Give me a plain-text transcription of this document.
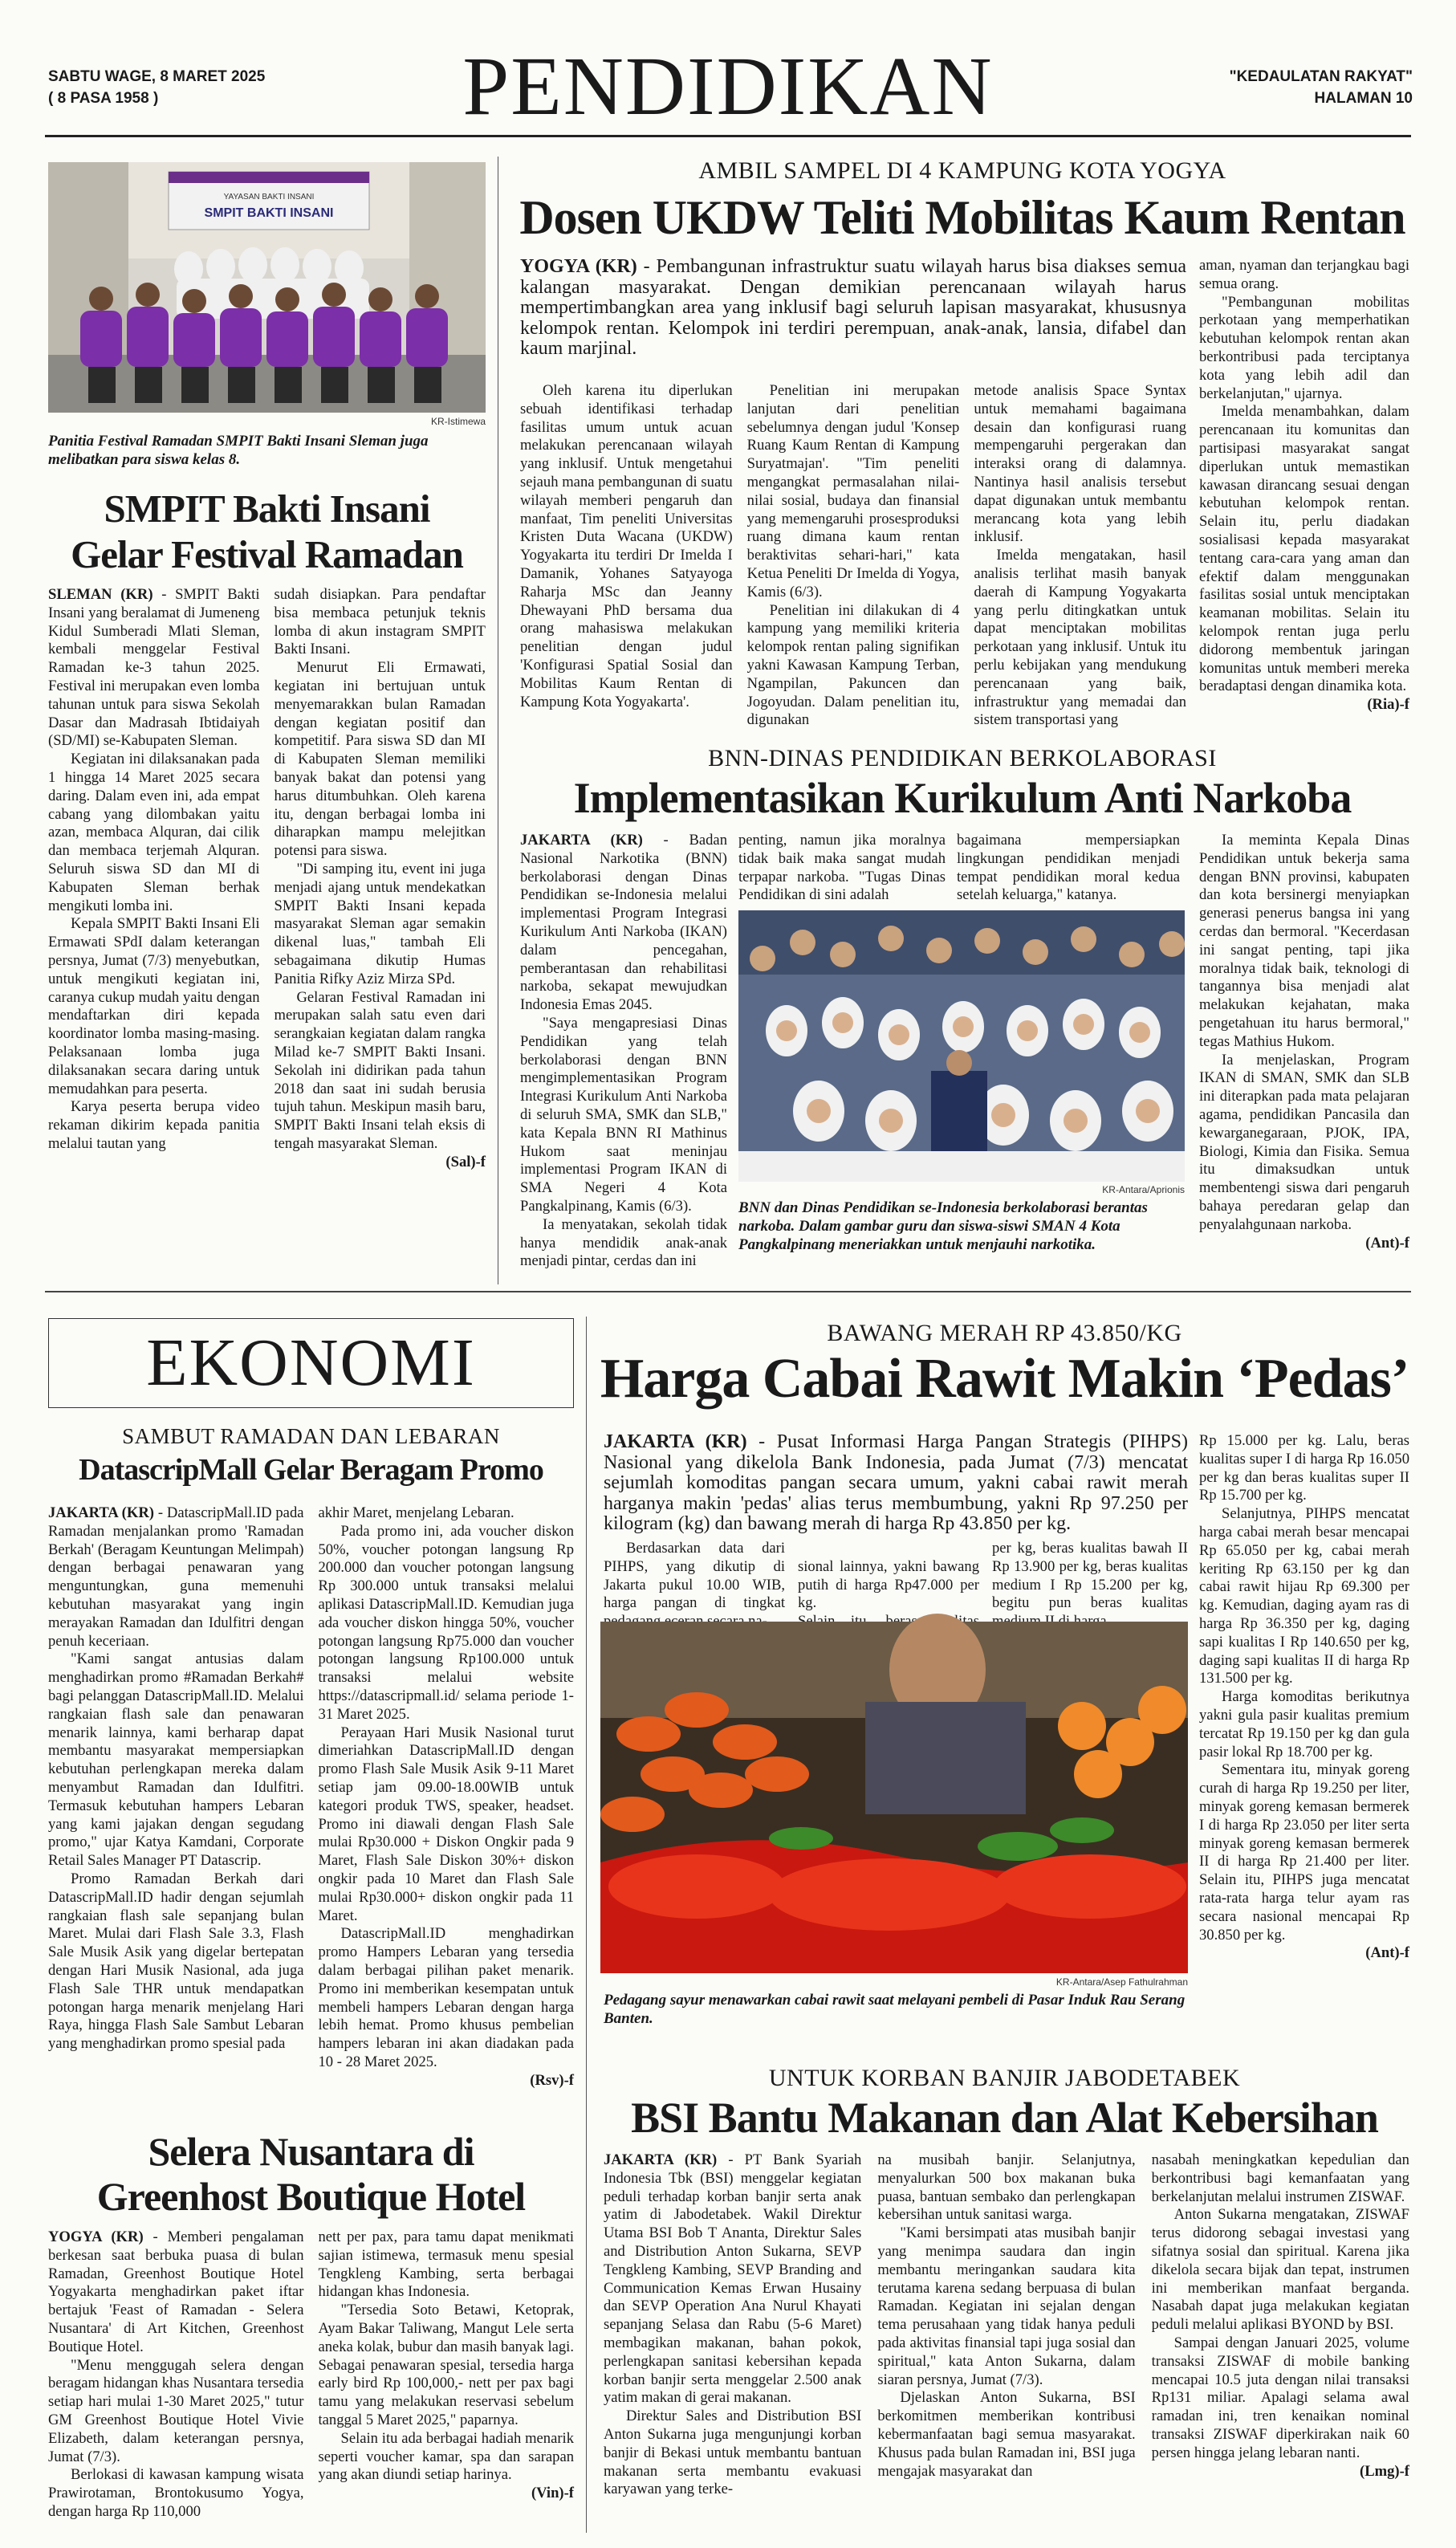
SABTU WAGE, 8 MARET 2025
( 8 PASA 1958 )	PENDIDIKAN	"KEDAULATAN RAKYAT"
HALAMAN 10
YAYASAN BAKTI INSANI
SMPIT BAKTI INSANI
KR-Istimewa
Panitia Festival Ramadan SMPIT Bakti Insani Sleman juga melibatkan para siswa kelas 8.
SMPIT Bakti Insani
Gelar Festival Ramadan

SLEMAN (KR) - SMPIT Bakti Insani yang beralamat di Jumeneng Kidul Sumberadi Mlati Sleman, kembali menggelar Festival Ramadan ke-3 tahun 2025. Festival ini merupakan even lomba tahunan untuk para siswa Sekolah Dasar dan Madrasah Ibtidaiyah (SD/MI) se-Kabupaten Sleman.

Kegiatan ini dilaksanakan pada 1 hingga 14 Maret 2025 secara daring. Dalam even ini, ada empat cabang yang dilombakan yaitu azan, membaca Alquran, dai cilik dan membaca terjemah Alquran. Seluruh siswa SD dan MI di Kabupaten Sleman berhak mengikuti lomba ini.

Kepala SMPIT Bakti Insani Eli Ermawati SPdI dalam keterangan persnya, Jumat (7/3) menyebutkan, untuk mengikuti kegiatan ini, caranya cukup mudah yaitu dengan mendaftarkan diri kepada koordinator lomba masing-masing. Pelaksanaan lomba juga dilaksanakan secara daring untuk memudahkan para peserta.

Karya peserta berupa video rekaman dikirim kepada panitia melalui tautan yang

sudah disiapkan. Para pendaftar bisa membaca petunjuk teknis lomba di akun instagram SMPIT Bakti Insani.

Menurut Eli Ermawati, kegiatan ini bertujuan untuk menyemarakkan bulan Ramadan dengan kegiatan positif dan kompetitif. Para siswa SD dan MI di Kabupaten Sleman memiliki banyak bakat dan potensi yang harus ditumbuhkan. Oleh karena itu, dengan berbagai lomba ini diharapkan mampu melejitkan potensi para siswa.

"Di samping itu, event ini juga menjadi ajang untuk mendekatkan SMPIT Bakti Insani kepada masyarakat Sleman agar semakin dikenal luas," tambah Eli sebagaimana dikutip Humas Panitia Rifky Aziz Mirza SPd.

Gelaran Festival Ramadan ini merupakan salah satu even dari serangkaian kegiatan dalam rangka Milad ke-7 SMPIT Bakti Insani. Sekolah ini didirikan pada tahun 2018 dan saat ini sudah berusia tujuh tahun. Meskipun masih baru, SMPIT Bakti Insani telah eksis di tengah masyarakat Sleman.

(Sal)-f

AMBIL SAMPEL DI 4 KAMPUNG KOTA YOGYA
Dosen UKDW Teliti Mobilitas Kaum Rentan
YOGYA (KR) - Pembangunan infrastruktur suatu wilayah harus bisa diakses semua kalangan masyarakat. Dengan demikian perencanaan wilayah harus mempertimbangkan area yang inklusif bagi seluruh lapisan masyarakat, khususnya kelompok rentan. Kelompok ini terdiri perempuan, anak-anak, lansia, difabel dan kaum marjinal.

Oleh karena itu diperlukan sebuah identifikasi terhadap fasilitas umum untuk acuan melakukan perencanaan wilayah yang inklusif. Untuk mengetahui sejauh mana pembangunan di suatu wilayah memberi pengaruh dan manfaat, Tim peneliti Universitas Kristen Duta Wacana (UKDW) Yogyakarta itu terdiri Dr Imelda I Damanik, Yohanes Satyayoga Raharja MSc dan Jeanny Dhewayani PhD bersama dua orang mahasiswa melakukan penelitian dengan judul 'Konfigurasi Spatial Sosial dan Mobilitas Kaum Rentan di Kampung Kota Yogyakarta'.

Penelitian ini merupakan lanjutan dari penelitian sebelumnya dengan judul 'Konsep Ruang Kaum Rentan di Kampung Suryatmajan'. "Tim peneliti mengangkat permasalahan nilai-nilai sosial, budaya dan finansial yang memengaruhi prosesproduksi ruang dimana kaum rentan beraktivitas sehari-hari," kata Ketua Peneliti Dr Imelda di Yogya, Kamis (6/3).

Penelitian ini dilakukan di 4 kampung yang memiliki kriteria kelompok rentan paling signifikan yakni Kawasan Kampung Terban, Ngampilan, Pakuncen dan Jogoyudan. Dalam penelitian itu, digunakan

metode analisis Space Syntax untuk memahami bagaimana desain dan konfigurasi ruang mempengaruhi pergerakan dan interaksi orang di dalamnya. Nantinya hasil analisis tersebut dapat digunakan untuk membantu merancang kota yang lebih inklusif.

Imelda mengatakan, hasil analisis terlihat masih banyak daerah di Kampung Yogyakarta yang perlu ditingkatkan untuk dapat menciptakan mobilitas perkotaan yang inklusif. Untuk itu perlu kebijakan yang mendukung perencanaan yang baik, infrastruktur yang memadai dan sistem transportasi yang

aman, nyaman dan terjangkau bagi semua orang.

"Pembangunan mobilitas perkotaan yang memperhatikan kebutuhan kelompok rentan akan berkontribusi pada terciptanya kota yang lebih adil dan berkelanjutan," ujarnya.

Imelda menambahkan, dalam perencanaan itu komunitas dan partisipasi masyarakat sangat diperlukan untuk memastikan kawasan dirancang sesuai dengan kebutuhan kelompok rentan. Selain itu, perlu diadakan sosialisasi kepada masyarakat tentang cara-cara yang aman dan efektif dalam menggunakan fasilitas sosial untuk menciptakan keamanan mobilitas. Selain itu kelompok rentan juga perlu didorong membentuk jaringan komunitas untuk memberi mereka beradaptasi dengan dinamika kota.

(Ria)-f

BNN-DINAS PENDIDIKAN BERKOLABORASI
Implementasikan Kurikulum Anti Narkoba

JAKARTA (KR) - Badan Nasional Narkotika (BNN) berkolaborasi dengan Dinas Pendidikan se-Indonesia melalui implementasi Program Integrasi Kurikulum Anti Narkoba (IKAN) dalam pencegahan, pemberantasan dan rehabilitasi narkoba, sekapat mewujudkan Indonesia Emas 2045.

"Saya mengapresiasi Dinas Pendidikan yang telah berkolaborasi dengan BNN mengimplementasikan Program Integrasi Kurikulum Anti Narkoba di seluruh SMA, SMK dan SLB," kata Kepala BNN RI Mathinus Hukom saat meninjau implementasi Program IKAN di SMA Negeri 4 Kota Pangkalpinang, Kamis (6/3).

Ia menyatakan, sekolah tidak hanya mendidik anak-anak menjadi pintar, cerdas dan ini

penting, namun jika moralnya tidak baik maka sangat mudah terpapar narkoba. "Tugas Dinas Pendidikan di sini adalah

bagaimana mempersiapkan lingkungan pendidikan menjadi tempat pendidikan moral kedua setelah keluarga," katanya.

KR-Antara/Aprionis
BNN dan Dinas Pendidikan se-Indonesia berkolaborasi berantas narkoba. Dalam gambar guru dan siswa-siswi SMAN 4 Kota Pangkalpinang meneriakkan untuk menjauhi narkotika.

Ia meminta Kepala Dinas Pendidikan untuk bekerja sama dengan BNN provinsi, kabupaten dan kota bersinergi menyiapkan generasi penerus bangsa ini yang cerdas dan bermoral. "Kecerdasan ini sangat penting, tapi jika moralnya tidak baik, teknologi di tangannya bisa menjadi alat melakukan kejahatan, maka pengetahuan itu harus bermoral," tegas Mathius Hukom.

Ia menjelaskan, Program IKAN di SMAN, SMK dan SLB ini diterapkan pada mata pelajaran agama, pendidikan Pancasila dan kewarganegaraan, PJOK, IPA, Biologi, Kimia dan Fisika. Semua itu dimaksudkan untuk membentengi siswa dari pengaruh bahaya peredaran gelap dan penyalahgunaan narkoba.

(Ant)-f

EKONOMI
SAMBUT RAMADAN DAN LEBARAN
DatascripMall Gelar Beragam Promo

JAKARTA (KR) - DatascripMall.ID pada Ramadan menjalankan promo 'Ramadan Berkah' (Beragam Keuntungan Melimpah) dengan berbagai penawaran yang menguntungkan, guna memenuhi kebutuhan masyarakat yang ingin merayakan Ramadan dan Idulfitri dengan penuh keceriaan.

"Kami sangat antusias dalam menghadirkan promo #Ramadan Berkah# bagi pelanggan DatascripMall.ID. Melalui rangkaian flash sale dan penawaran menarik lainnya, kami berharap dapat membantu masyarakat mempersiapkan kebutuhan perlengkapan mereka dalam menyambut Ramadan dan Idulfitri. Termasuk kebutuhan hampers Lebaran yang kami jajakan dengan segudang promo," ujar Katya Kamdani, Corporate Retail Sales Manager PT Datascrip.

Promo Ramadan Berkah dari DatascripMall.ID hadir dengan sejumlah rangkaian flash sale sepanjang bulan Maret. Mulai dari Flash Sale 3.3, Flash Sale Musik Asik yang digelar bertepatan dengan Hari Musik Nasional, ada juga Flash Sale THR untuk mendapatkan potongan harga menarik menjelang Hari Raya, hingga Flash Sale Sambut Lebaran yang menghadirkan promo spesial pada

akhir Maret, menjelang Lebaran.

Pada promo ini, ada voucher diskon 50%, voucher potongan langsung Rp 200.000 dan voucher potongan langsung Rp 300.000 untuk transaksi melalui aplikasi DatascripMall.ID. Kemudian juga ada voucher diskon hingga 50%, voucher potongan langsung Rp75.000 dan voucher potongan langsung Rp100.000 untuk transaksi melalui website https://datascripmall.id/ selama periode 1-31 Maret 2025.

Perayaan Hari Musik Nasional turut dimeriahkan DatascripMall.ID dengan promo Flash Sale Musik Asik 9-11 Maret setiap jam 09.00-18.00WIB untuk kategori produk TWS, speaker, headset. Promo ini diawali dengan Flash Sale mulai Rp30.000 + Diskon Ongkir pada 9 Maret, Flash Sale Diskon 30%+ diskon ongkir pada 10 Maret dan Flash Sale mulai Rp30.000+ diskon ongkir pada 11 Maret.

DatascripMall.ID menghadirkan promo Hampers Lebaran yang tersedia dalam berbagai pilihan paket menarik. Promo ini memberikan kesempatan untuk membeli hampers Lebaran dengan harga lebih hemat. Promo khusus pembelian hampers lebaran ini akan diadakan pada 10 - 28 Maret 2025.

(Rsv)-f

Selera Nusantara di
Greenhost Boutique Hotel

YOGYA (KR) - Memberi pengalaman berkesan saat berbuka puasa di bulan Ramadan, Greenhost Boutique Hotel Yogyakarta menghadirkan paket iftar bertajuk 'Feast of Ramadan - Selera Nusantara' di Art Kitchen, Greenhost Boutique Hotel.

"Menu menggugah selera dengan beragam hidangan khas Nusantara tersedia setiap hari mulai 1-30 Maret 2025," tutur GM Greenhost Boutique Hotel Vivie Elizabeth, dalam keterangan persnya, Jumat (7/3).

Berlokasi di kawasan kampung wisata Prawirotaman, Brontokusumo Yogya, dengan harga Rp 110,000

nett per pax, para tamu dapat menikmati sajian istimewa, termasuk menu spesial Tengkleng Kambing, serta berbagai hidangan khas Indonesia.

"Tersedia Soto Betawi, Ketoprak, Ayam Bakar Taliwang, Mangut Lele serta aneka kolak, bubur dan masih banyak lagi. Sebagai penawaran spesial, tersedia harga early bird Rp 100,000,- nett per pax bagi tamu yang melakukan reservasi sebelum tanggal 5 Maret 2025," paparnya.

Selain itu ada berbagai hadiah menarik seperti voucher kamar, spa dan sarapan yang akan diundi setiap harinya.

(Vin)-f

BAWANG MERAH RP 43.850/KG
Harga Cabai Rawit Makin ‘Pedas’
JAKARTA (KR) - Pusat Informasi Harga Pangan Strategis (PIHPS) Nasional yang dikelola Bank Indonesia, pada Jumat (7/3) mencatat sejumlah komoditas pangan secara umum, yakni cabai rawit merah harganya makin 'pedas' alias terus membumbung, yakni Rp 97.250 per kilogram (kg) dan bawang merah di harga Rp 43.850 per kg.

Berdasarkan data dari PIHPS, yang dikutip di Jakarta pukul 10.00 WIB, harga pangan di tingkat

sional lainnya, yakni bawang putih di harga Rp47.000 per kg.

per kg, beras kualitas bawah II Rp 13.900 per kg, beras kualitas medium I Rp 15.200 per kg, begitu pun beras kualitas

KR-Antara/Asep Fathulrahman
Pedagang sayur menawarkan cabai rawit saat melayani pembeli di Pasar Induk Rau Serang Banten.

Rp 15.000 per kg. Lalu, beras kualitas super I di harga Rp 16.050 per kg dan beras kualitas super II Rp 15.700 per kg.

Selanjutnya, PIHPS mencatat harga cabai merah besar mencapai Rp 65.050 per kg, cabai merah keriting Rp 63.150 per kg dan cabai rawit hijau Rp 69.300 per kg. Kemudian, daging ayam ras di harga Rp 36.350 per kg, daging sapi kualitas I Rp 140.650 per kg, daging sapi kualitas II di harga Rp 131.500 per kg.

Harga komoditas berikutnya yakni gula pasir kualitas premium tercatat Rp 19.150 per kg dan gula pasir lokal Rp 18.700 per kg.

Sementara itu, minyak goreng curah di harga Rp 19.250 per liter, minyak goreng kemasan bermerek I di harga Rp 23.050 per liter serta minyak goreng kemasan bermerek II di harga Rp 21.400 per liter. Selain itu, PIHPS juga mencatat rata-rata harga telur ayam ras secara nasional mencapai Rp 30.850 per kg.

(Ant)-f

UNTUK KORBAN BANJIR JABODETABEK
BSI Bantu Makanan dan Alat Kebersihan

JAKARTA (KR) - PT Bank Syariah Indonesia Tbk (BSI) menggelar kegiatan peduli terhadap korban banjir serta anak yatim di Jabodetabek. Wakil Direktur Utama BSI Bob T Ananta, Direktur Sales and Distribution Anton Sukarna, SEVP Tengkleng Kambing, SEVP Branding and Communication Kemas Erwan Husainy dan SEVP Operation Ana Nurul Khayati sepanjang Selasa dan Rabu (5-6 Maret) membagikan makanan, bahan pokok, perlengkapan sanitasi kebersihan kepada korban banjir serta menggelar 2.500 anak yatim makan di gerai makanan.

Direktur Sales and Distribution BSI Anton Sukarna juga mengunjungi korban banjir di Bekasi untuk membantu bantuan makanan serta membantu evakuasi karyawan yang terke-

na musibah banjir. Selanjutnya, menyalurkan 500 box makanan buka puasa, bantuan sembako dan perlengkapan kebersihan untuk sanitasi warga.

"Kami bersimpati atas musibah banjir yang menimpa saudara dan ingin membantu meringankan saudara kita terutama karena sedang berpuasa di bulan Ramadan. Kegiatan ini sejalan dengan tema perusahaan yang tidak hanya peduli pada aktivitas finansial tapi juga sosial dan spiritual," kata Anton Sukarna, dalam siaran persnya, Jumat (7/3).

Djelaskan Anton Sukarna, BSI berkomitmen memberikan kontribusi kebermanfaatan bagi semua masyarakat. Khusus pada bulan Ramadan ini, BSI juga mengajak masyarakat dan

nasabah meningkatkan kepedulian dan berkontribusi bagi kemanfaatan yang berkelanjutan melalui instrumen ZISWAF.

Anton Sukarna mengatakan, ZISWAF terus didorong sebagai investasi yang sifatnya sosial dan spiritual. Karena jika dikelola secara bijak dan tepat, instrumen ini memberikan manfaat berganda. Nasabah dapat juga melakukan kegiatan peduli melalui aplikasi BYOND by BSI.

Sampai dengan Januari 2025, volume transaksi ZISWAF di mobile banking mencapai 10.5 juta dengan nilai transaksi Rp131 miliar. Apalagi selama awal ramadan ini, tren kenaikan nominal transaksi ZISWAF diperkirakan naik 60 persen hingga jelang lebaran nanti.

(Lmg)-f
